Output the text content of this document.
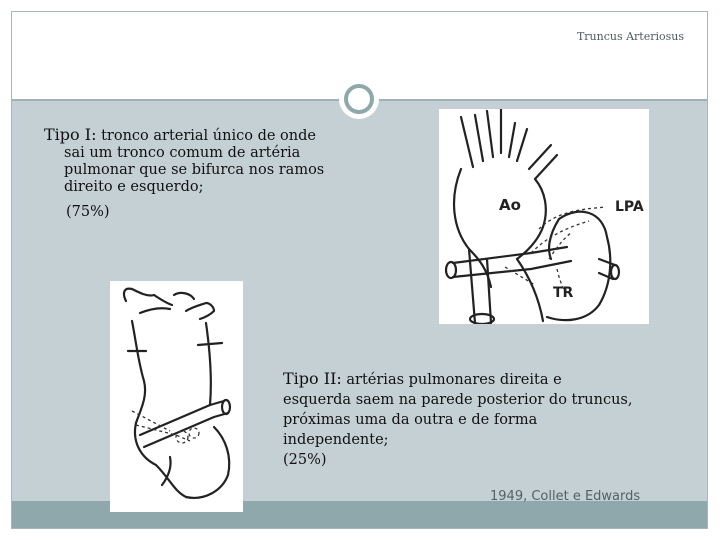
Truncus Arteriosus
Ao	LPA
TR
Tipo I: tronco arterial único de onde
sai um tronco comum de artéria
pulmonar que se bifurca nos ramos
direito e esquerdo;
(75%)
Tipo II: artérias pulmonares direita e
esquerda saem na parede posterior do truncus,
próximas uma da outra e de forma
independente;
(25%)
1949, Collet e Edwards
